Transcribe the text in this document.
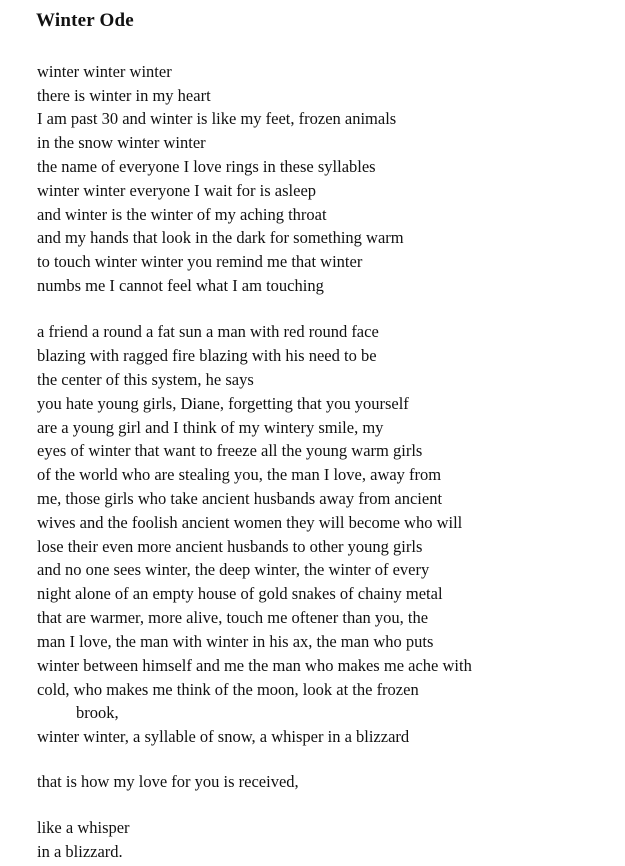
Winter Ode

winter winter winter

there is winter in my heart

I am past 30 and winter is like my feet, frozen animals

in the snow winter winter

the name of everyone I love rings in these syllables

winter winter everyone I wait for is asleep

and winter is the winter of my aching throat

and my hands that look in the dark for something warm

to touch winter winter you remind me that winter

numbs me I cannot feel what I am touching

a friend a round a fat sun a man with red round face

blazing with ragged fire blazing with his need to be

the center of this system, he says

you hate young girls, Diane, forgetting that you yourself

are a young girl and I think of my wintery smile, my

eyes of winter that want to freeze all the young warm girls

of the world who are stealing you, the man I love, away from

me, those girls who take ancient husbands away from ancient

wives and the foolish ancient women they will become who will

lose their even more ancient husbands to other young girls

and no one sees winter, the deep winter, the winter of every

night alone of an empty house of gold snakes of chainy metal

that are warmer, more alive, touch me oftener than you, the

man I love, the man with winter in his ax, the man who puts

winter between himself and me the man who makes me ache with

cold, who makes me think of the moon, look at the frozen

brook,

winter winter, a syllable of snow, a whisper in a blizzard

that is how my love for you is received,

like a whisper

in a blizzard.
